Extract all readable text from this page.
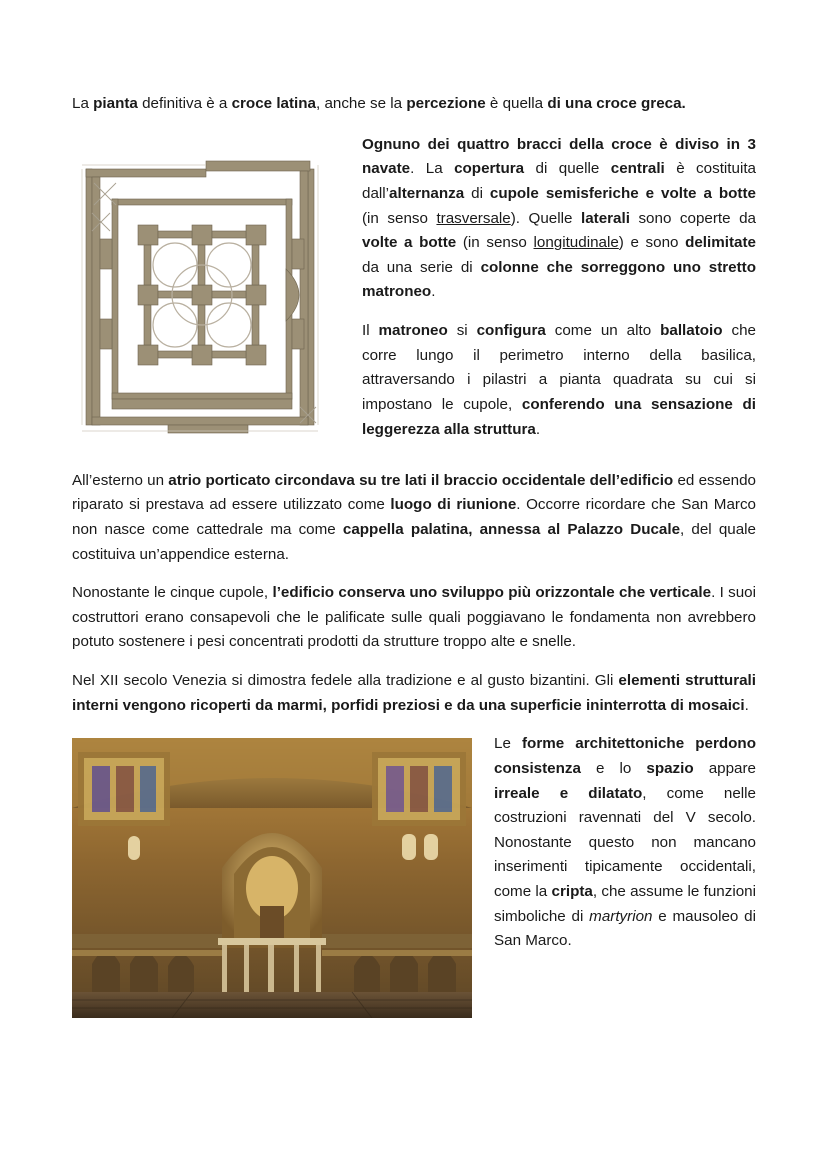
La pianta definitiva è a croce latina, anche se la percezione è quella di una croce greca.

Ognuno dei quattro bracci della croce è diviso in 3 navate. La copertura di quelle centrali è costituita dall’alternanza di cupole semisferiche e volte a botte (in senso trasversale). Quelle laterali sono coperte da volte a botte (in senso longitudinale) e sono delimitate da una serie di colonne che sorreggono uno stretto matroneo.

Il matroneo si configura come un alto ballatoio che corre lungo il perimetro interno della basilica, attraversando i pilastri a pianta quadrata su cui si impostano le cupole, conferendo una sensazione di leggerezza alla struttura.

All’esterno un atrio porticato circondava su tre lati il braccio occidentale dell’edificio ed essendo riparato si prestava ad essere utilizzato come luogo di riunione. Occorre ricordare che San Marco non nasce come cattedrale ma come cappella palatina, annessa al Palazzo Ducale, del quale costituiva un’appendice esterna.

Nonostante le cinque cupole, l’edificio conserva uno sviluppo più orizzontale che verticale. I suoi costruttori erano consapevoli che le palificate sulle quali poggiavano le fondamenta non avrebbero potuto sostenere i pesi concentrati prodotti da strutture troppo alte e snelle.

Nel XII secolo Venezia si dimostra fedele alla tradizione e al gusto bizantini. Gli elementi strutturali interni vengono ricoperti da marmi, porfidi preziosi e da una superficie ininterrotta di mosaici.

Le forme architettoniche perdono consistenza e lo spazio appare irreale e dilatato, come nelle costruzioni ravennati del V secolo. Nonostante questo non mancano inserimenti tipicamente occidentali, come la cripta, che assume le funzioni simboliche di martyrion e mausoleo di San Marco.
